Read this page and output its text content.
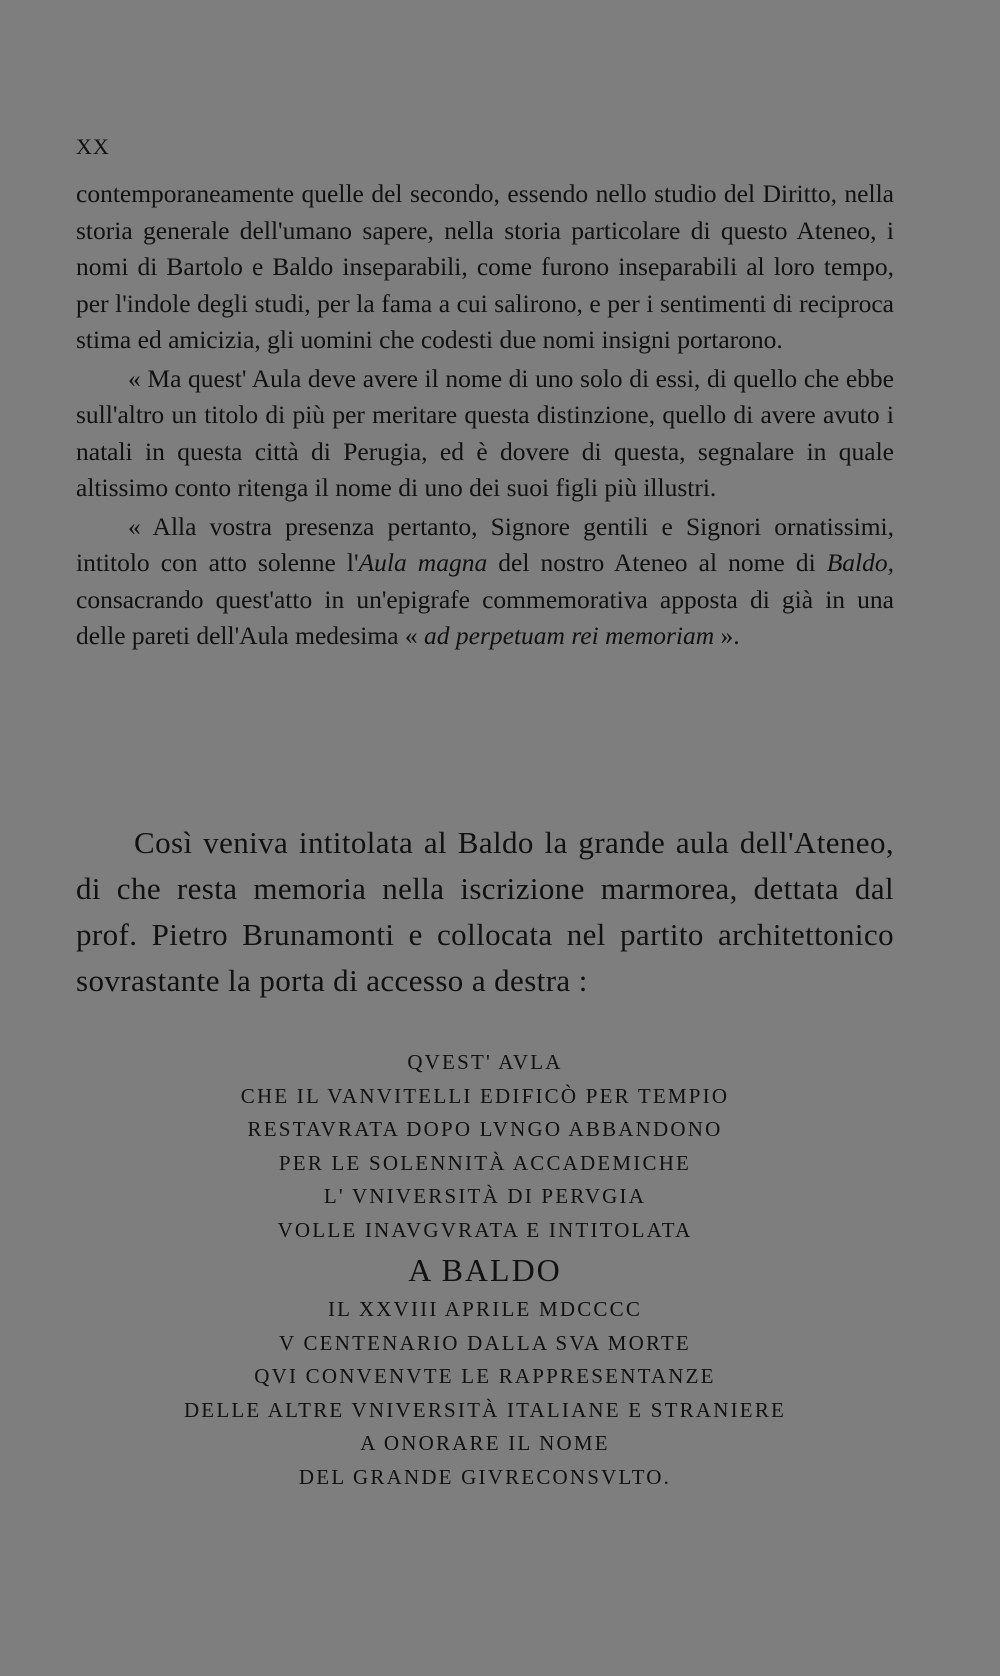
XX

contemporaneamente quelle del secondo, essendo nello studio del Diritto, nella storia generale dell'umano sapere, nella storia particolare di questo Ateneo, i nomi di Bartolo e Baldo inseparabili, come furono inseparabili al loro tempo, per l'indole degli studi, per la fama a cui salirono, e per i sentimenti di reciproca stima ed amicizia, gli uomini che codesti due nomi insigni portarono.

« Ma quest' Aula deve avere il nome di uno solo di essi, di quello che ebbe sull'altro un titolo di più per meritare questa distinzione, quello di avere avuto i natali in questa città di Perugia, ed è dovere di questa, segnalare in quale altissimo conto ritenga il nome di uno dei suoi figli più illustri.

« Alla vostra presenza pertanto, Signore gentili e Signori ornatissimi, intitolo con atto solenne l'Aula magna del nostro Ateneo al nome di Baldo, consacrando quest'atto in un'epigrafe commemorativa apposta di già in una delle pareti dell'Aula medesima « ad perpetuam rei memoriam ».

Così veniva intitolata al Baldo la grande aula dell'Ateneo, di che resta memoria nella iscrizione marmorea, dettata dal prof. Pietro Brunamonti e collocata nel partito architettonico sovrastante la porta di accesso a destra :

QVEST' AVLA
CHE IL VANVITELLI EDIFICÒ PER TEMPIO
RESTAVRATA DOPO LVNGO ABBANDONO
PER LE SOLENNITÀ ACCADEMICHE
L' VNIVERSITÀ DI PERVGIA
VOLLE INAVGVRATA E INTITOLATA
A BALDO
IL XXVIII APRILE MDCCCC
V CENTENARIO DALLA SVA MORTE
QVI CONVENVTE LE RAPPRESENTANZE
DELLE ALTRE VNIVERSITÀ ITALIANE E STRANIERE
A ONORARE IL NOME
DEL GRANDE GIVRECONSVLTO.
